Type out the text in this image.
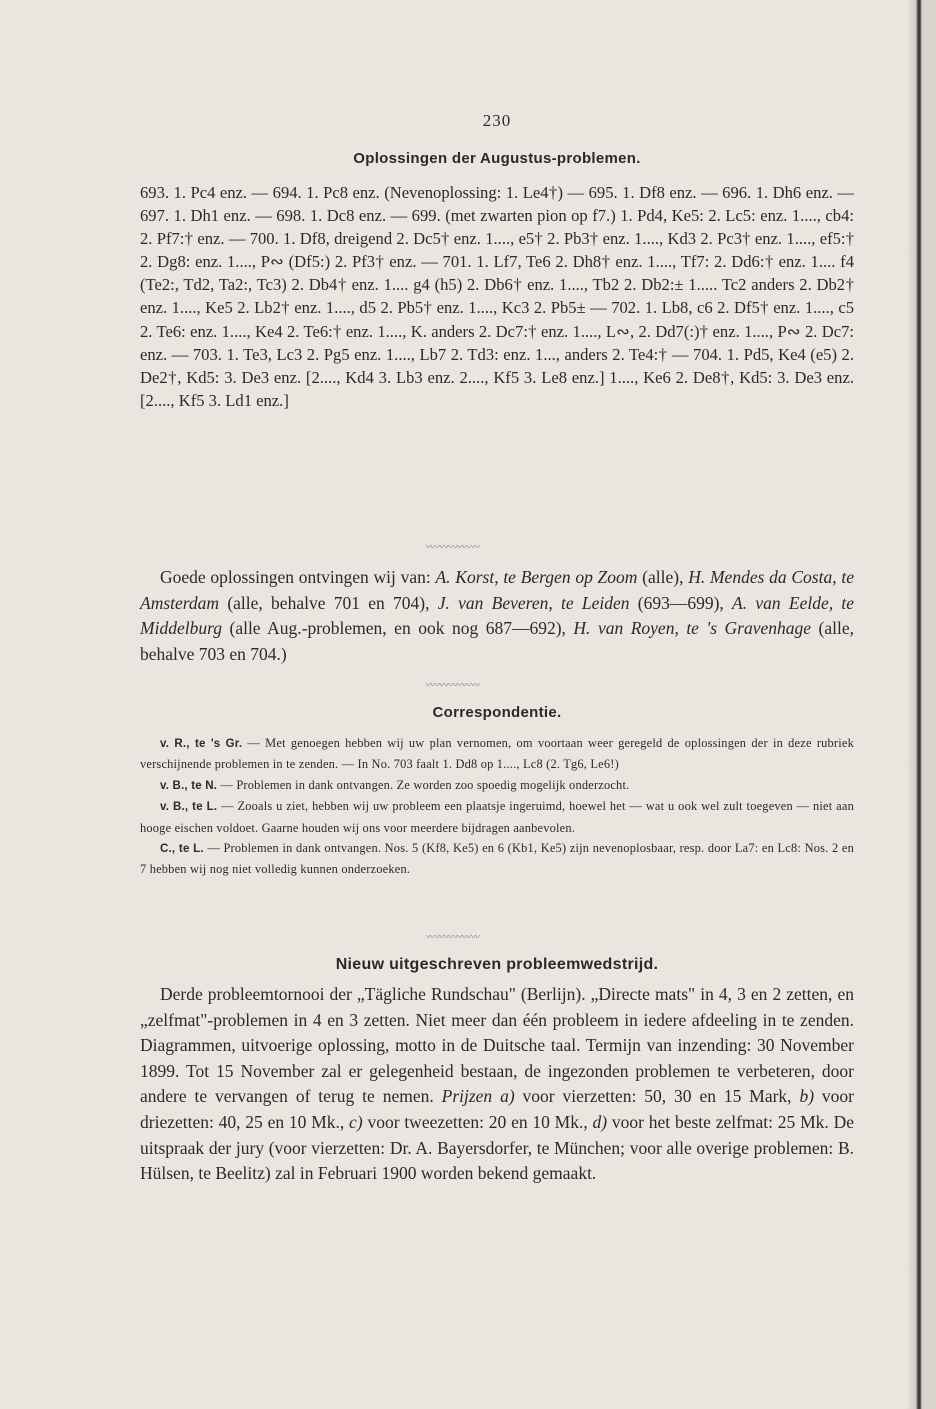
230
Oplossingen der Augustus-problemen.

693. 1. Pc4 enz. — 694. 1. Pc8 enz. (Nevenoplossing: 1. Le4†) — 695. 1. Df8 enz. — 696. 1. Dh6 enz. — 697. 1. Dh1 enz. — 698. 1. Dc8 enz. — 699. (met zwarten pion op f7.) 1. Pd4, Ke5: 2. Lc5: enz. 1...., cb4: 2. Pf7:† enz. — 700. 1. Df8, dreigend 2. Dc5† enz. 1...., e5† 2. Pb3† enz. 1...., Kd3 2. Pc3† enz. 1...., ef5:† 2. Dg8: enz. 1...., P∾ (Df5:) 2. Pf3† enz. — 701. 1. Lf7, Te6 2. Dh8† enz. 1...., Tf7: 2. Dd6:† enz. 1.... f4 (Te2:, Td2, Ta2:, Tc3) 2. Db4† enz. 1.... g4 (h5) 2. Db6† enz. 1...., Tb2 2. Db2:± 1..... Tc2 anders 2. Db2† enz. 1...., Ke5 2. Lb2† enz. 1...., d5 2. Pb5† enz. 1...., Kc3 2. Pb5± — 702. 1. Lb8, c6 2. Df5† enz. 1...., c5 2. Te6: enz. 1...., Ke4 2. Te6:† enz. 1...., K. anders 2. Dc7:† enz. 1...., L∾, 2. Dd7(:)† enz. 1...., P∾ 2. Dc7: enz. — 703. 1. Te3, Lc3 2. Pg5 enz. 1...., Lb7 2. Td3: enz. 1..., anders 2. Te4:† — 704. 1. Pd5, Ke4 (e5) 2. De2†, Kd5: 3. De3 enz. [2...., Kd4 3. Lb3 enz. 2...., Kf5 3. Le8 enz.] 1...., Ke6 2. De8†, Kd5: 3. De3 enz. [2...., Kf5 3. Ld1 enz.]

〰〰〰〰〰〰

Goede oplossingen ontvingen wij van: A. Korst, te Bergen op Zoom (alle), H. Mendes da Costa, te Amsterdam (alle, behalve 701 en 704), J. van Beveren, te Leiden (693—699), A. van Eelde, te Middelburg (alle Aug.-problemen, en ook nog 687—692), H. van Royen, te 's Gravenhage (alle, behalve 703 en 704.)

〰〰〰〰〰〰
Correspondentie.

v. R., te 's Gr. — Met genoegen hebben wij uw plan vernomen, om voortaan weer geregeld de oplossingen der in deze rubriek verschijnende problemen in te zenden. — In No. 703 faalt 1. Dd8 op 1...., Lc8 (2. Tg6, Le6!)

v. B., te N. — Problemen in dank ontvangen. Ze worden zoo spoedig mogelijk onderzocht.

v. B., te L. — Zooals u ziet, hebben wij uw probleem een plaatsje ingeruimd, hoewel het — wat u ook wel zult toegeven — niet aan hooge eischen voldoet. Gaarne houden wij ons voor meerdere bijdragen aanbevolen.

C., te L. — Problemen in dank ontvangen. Nos. 5 (Kf8, Ke5) en 6 (Kb1, Ke5) zijn nevenoplosbaar, resp. door La7: en Lc8: Nos. 2 en 7 hebben wij nog niet volledig kunnen onderzoeken.

〰〰〰〰〰〰
Nieuw uitgeschreven probleemwedstrijd.

Derde probleemtornooi der „Tägliche Rundschau" (Berlijn). „Directe mats" in 4, 3 en 2 zetten, en „zelfmat"-problemen in 4 en 3 zetten. Niet meer dan één probleem in iedere afdeeling in te zenden. Diagrammen, uitvoerige oplossing, motto in de Duitsche taal. Termijn van inzending: 30 November 1899. Tot 15 November zal er gelegenheid bestaan, de ingezonden problemen te verbeteren, door andere te vervangen of terug te nemen. Prijzen a) voor vierzetten: 50, 30 en 15 Mark, b) voor driezetten: 40, 25 en 10 Mk., c) voor tweezetten: 20 en 10 Mk., d) voor het beste zelfmat: 25 Mk. De uitspraak der jury (voor vierzetten: Dr. A. Bayersdorfer, te München; voor alle overige problemen: B. Hülsen, te Beelitz) zal in Februari 1900 worden bekend gemaakt.
